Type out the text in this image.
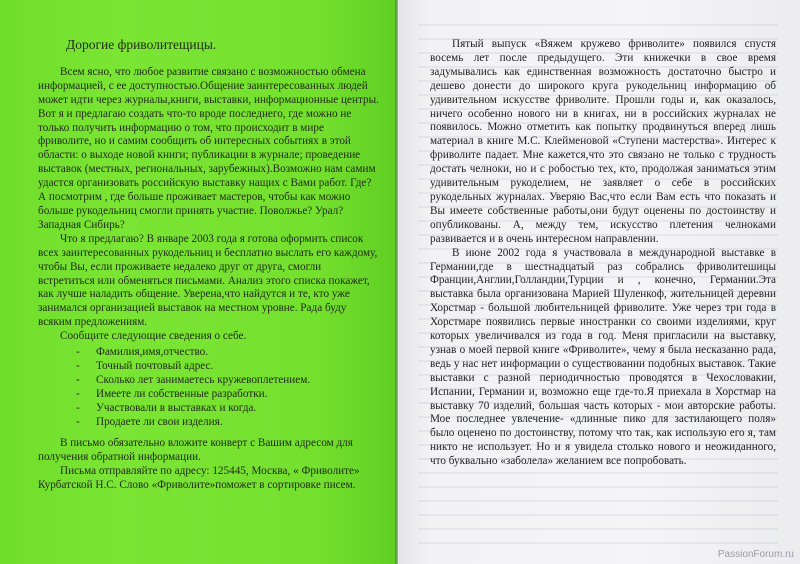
Дорогие фриволитещицы.

Всем ясно, что любое развитие связано с возможностью обмена информацией, с ее доступностью.Общение заинтересованных людей может идти через журналы,книги, выставки, информационные центры. Вот я и предлагаю создать что-то вроде последнего, где можно не только получить информацию о том, что происходит в мире фриволите, но и самим сообщить об интересных событиях в этой области: о выходе новой книги; публикации в журнале; проведение выставок (местных, региональных, зарубежных).Возможно нам самим удастся организовать российскую выставку нащих с Вами работ. Где? А посмотрим , где больше проживает мастеров, чтобы как можно больше рукодельниц смогли принять участие. Поволжье? Урал? Западная Сибирь?

Что я предлагаю? В январе 2003 года я готова оформить список всех заинтересованных рукодельниц и бесплатно выслать его каждому, чтобы Вы, если проживаете недалеко друг от друга, смогли встретиться или обменяться письмами. Анализ этого списка покажет, как лучше наладить общение. Уверена,что найдутся и те, кто уже занимался организацией выставок на местном уровне. Рада буду всяким предложениям.

Сообщите следующие сведения о себе.

- Фамилия,имя,отчество.
- Точный почтовый адрес.
- Сколько лет занимаетесь кружевоплетением.
- Имеете ли собственные разработки.
- Участвовали в выставках и когда.
- Продаете ли свои изделия.

В письмо обязательно вложите конверт с Вашим адресом для получения обратной информации.

Письма отправляйте по адресу: 125445, Москва, « Фриволите» Курбатской Н.С. Слово «Фриволите»поможет в сортировке писем.

Пятый выпуск «Вяжем кружево фриволите» появился спустя восемь лет после предыдущего. Эти книжечки в свое время задумывались как единственная возможность достаточно быстро и дешево донести до широкого круга рукодельниц информацию об удивительном искусстве фриволите. Прошли годы и, как оказалось, ничего особенно нового ни в книгах, ни в российских журналах не появилось. Можно отметить как попытку продвинуться вперед лишь материал в книге М.С. Клейменовой «Ступени мастерства». Интерес к фриволите падает. Мне кажется,что это связано не только с трудность достать челноки, но и с робостью тех, кто, продолжая заниматься этим удивительным рукоделием, не заявляет о себе в российских рукодельных журналах. Уверяю Вас,что если Вам есть что показать и Вы имеете собственные работы,они будут оценены по достоинству и опубликованы. А, между тем, искусство плетения челноками развивается и в очень интересном направлении.

В июне 2002 года я участвовала в международной выставке в Германии,где в шестнадцатый раз собрались фриволитешицы Франции,Англии,Голландии,Турции и , конечно, Германии.Эта выставка была организована Марией Шуленкоф, жительницей деревни Хорстмар - большой любительницей фриволите. Уже через три года в Хорстмаре появились первые иностранки со своими изделиями, круг которых увеличивался из года в год. Меня пригласили на выставку, узнав о моей первой книге «Фриволите», чему я была несказанно рада, ведь у нас нет информации о существовании подобных выставок. Такие выставки с разной периодичностью проводятся в Чехословакии, Испании, Германии и, возможно еще где-то.Я приехала в Хорстмар на выставку 70 изделий, большая часть которых - мои авторские работы. Мое последнее увлечение- «длинные пико для застилающего поля» было оценено по достоинству, потому что так, как использую его я, там никто не использует. Но и я увидела столько нового и неожиданного, что буквально «заболела» желанием все попробовать.

PassionForum.ru
